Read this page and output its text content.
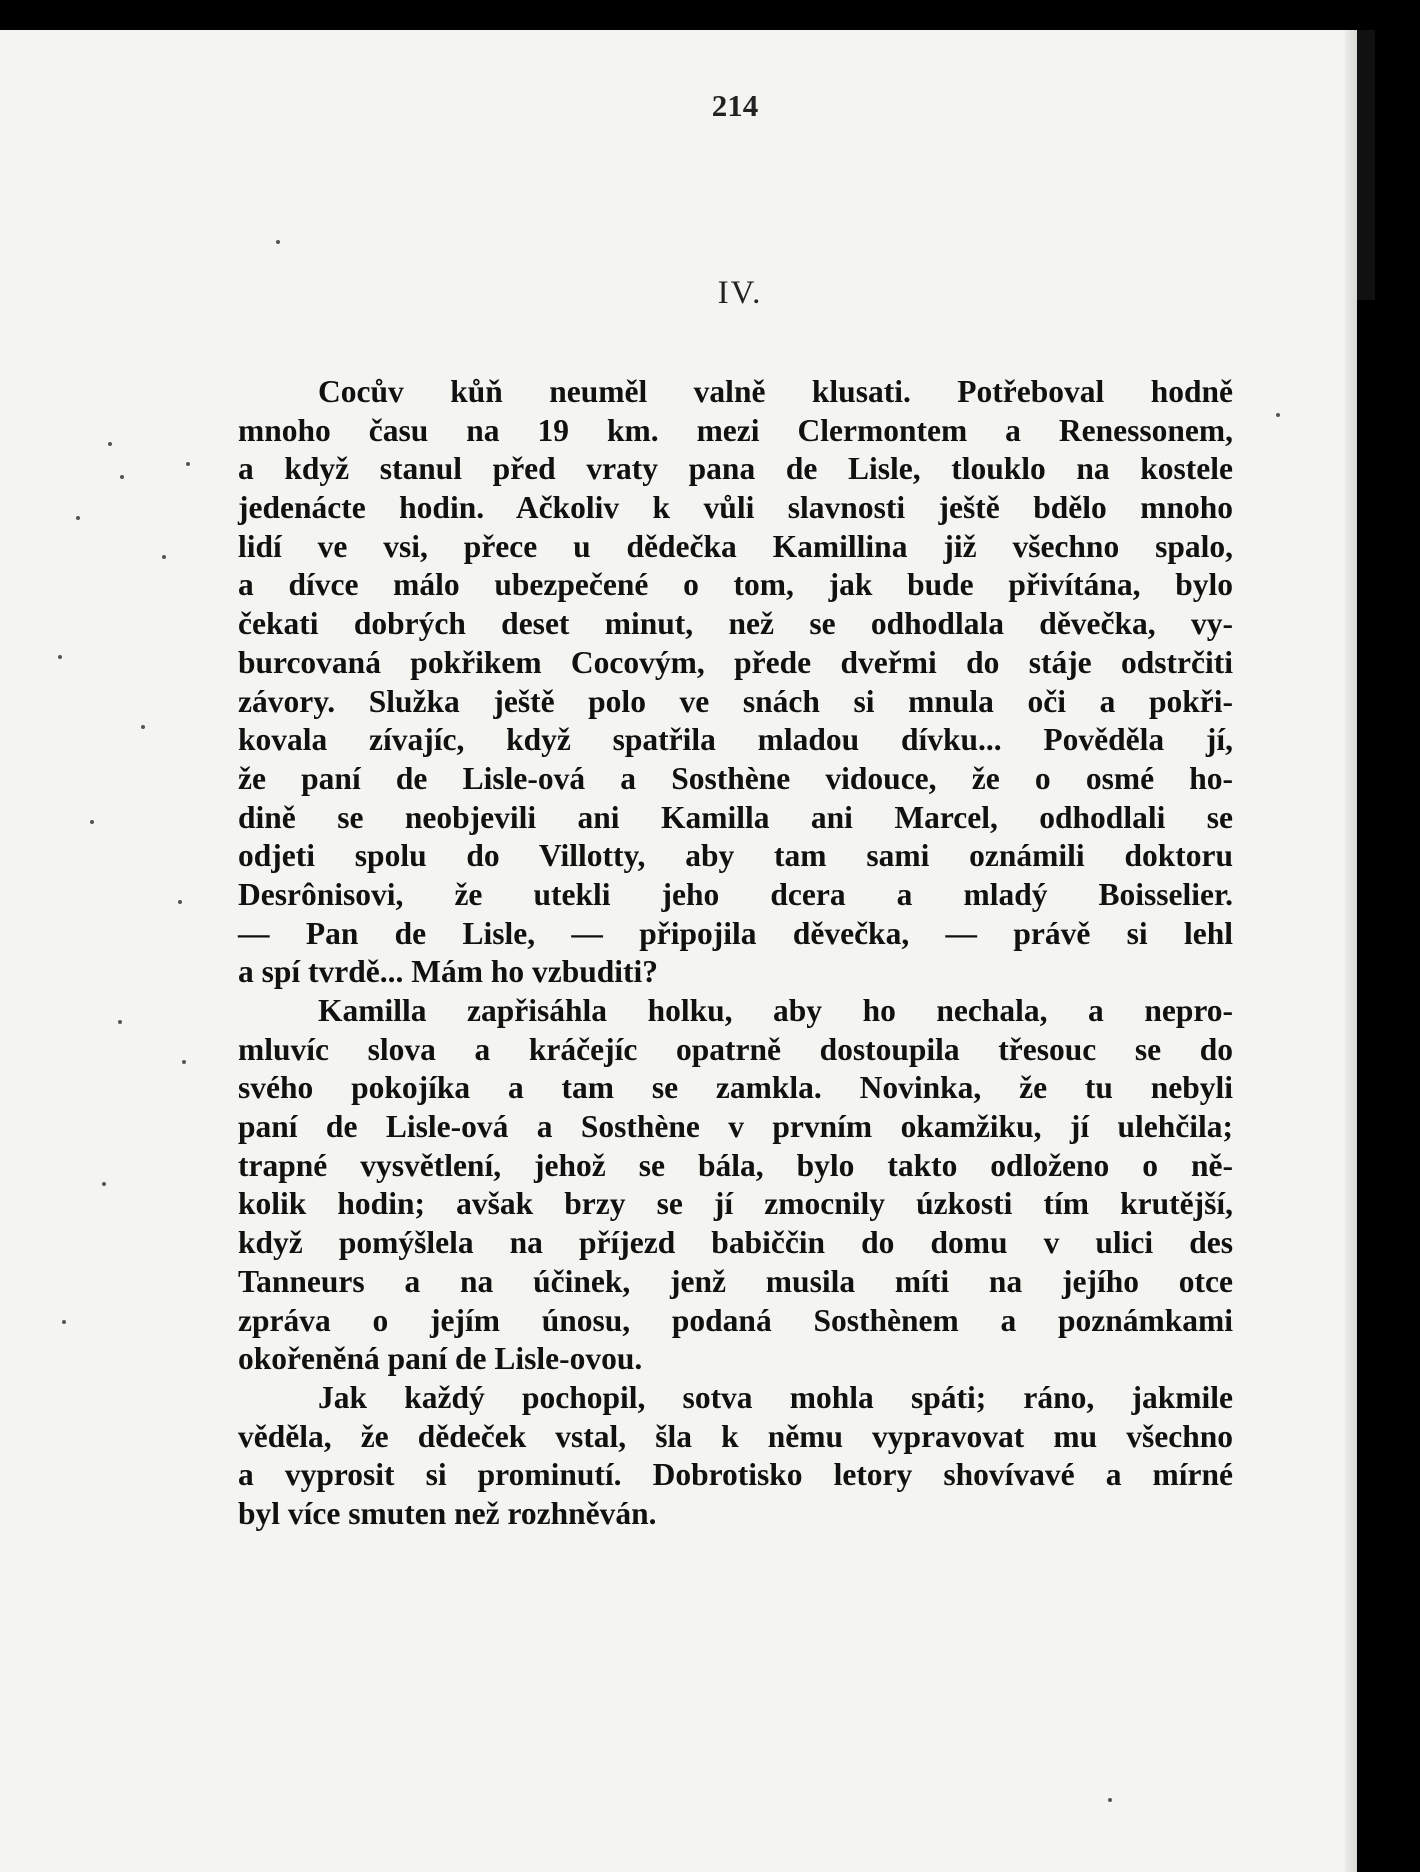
214
IV.
Cocův kůň neuměl valně klusati. Potřeboval hodně
mnoho času na 19 km. mezi Clermontem a Renessonem,
a když stanul před vraty pana de Lisle, tlouklo na kostele
jedenácte hodin. Ačkoliv k vůli slavnosti ještě bdělo mnoho
lidí ve vsi, přece u dědečka Kamillina již všechno spalo,
a dívce málo ubezpečené o tom, jak bude přivítána, bylo
čekati dobrých deset minut, než se odhodlala děvečka, vy-
burcovaná pokřikem Cocovým, přede dveřmi do stáje odstrčiti
závory. Služka ještě polo ve snách si mnula oči a pokři-
kovala zívajíc, když spatřila mladou dívku... Pověděla jí,
že paní de Lisle-ová a Sosthène vidouce, že o osmé ho-
dině se neobjevili ani Kamilla ani Marcel, odhodlali se
odjeti spolu do Villotty, aby tam sami oznámili doktoru
Desrônisovi, že utekli jeho dcera a mladý Boisselier.
— Pan de Lisle, — připojila děvečka, — právě si lehl
a spí tvrdě... Mám ho vzbuditi?
Kamilla zapřisáhla holku, aby ho nechala, a nepro-
mluvíc slova a kráčejíc opatrně dostoupila třesouc se do
svého pokojíka a tam se zamkla. Novinka, že tu nebyli
paní de Lisle-ová a Sosthène v prvním okamžiku, jí ulehčila;
trapné vysvětlení, jehož se bála, bylo takto odloženo o ně-
kolik hodin; avšak brzy se jí zmocnily úzkosti tím krutější,
když pomýšlela na příjezd babiččin do domu v ulici des
Tanneurs a na účinek, jenž musila míti na jejího otce
zpráva o jejím únosu, podaná Sosthènem a poznámkami
okořeněná paní de Lisle-ovou.
Jak každý pochopil, sotva mohla spáti; ráno, jakmile
věděla, že dědeček vstal, šla k němu vypravovat mu všechno
a vyprosit si prominutí. Dobrotisko letory shovívavé a mírné
byl více smuten než rozhněván.
